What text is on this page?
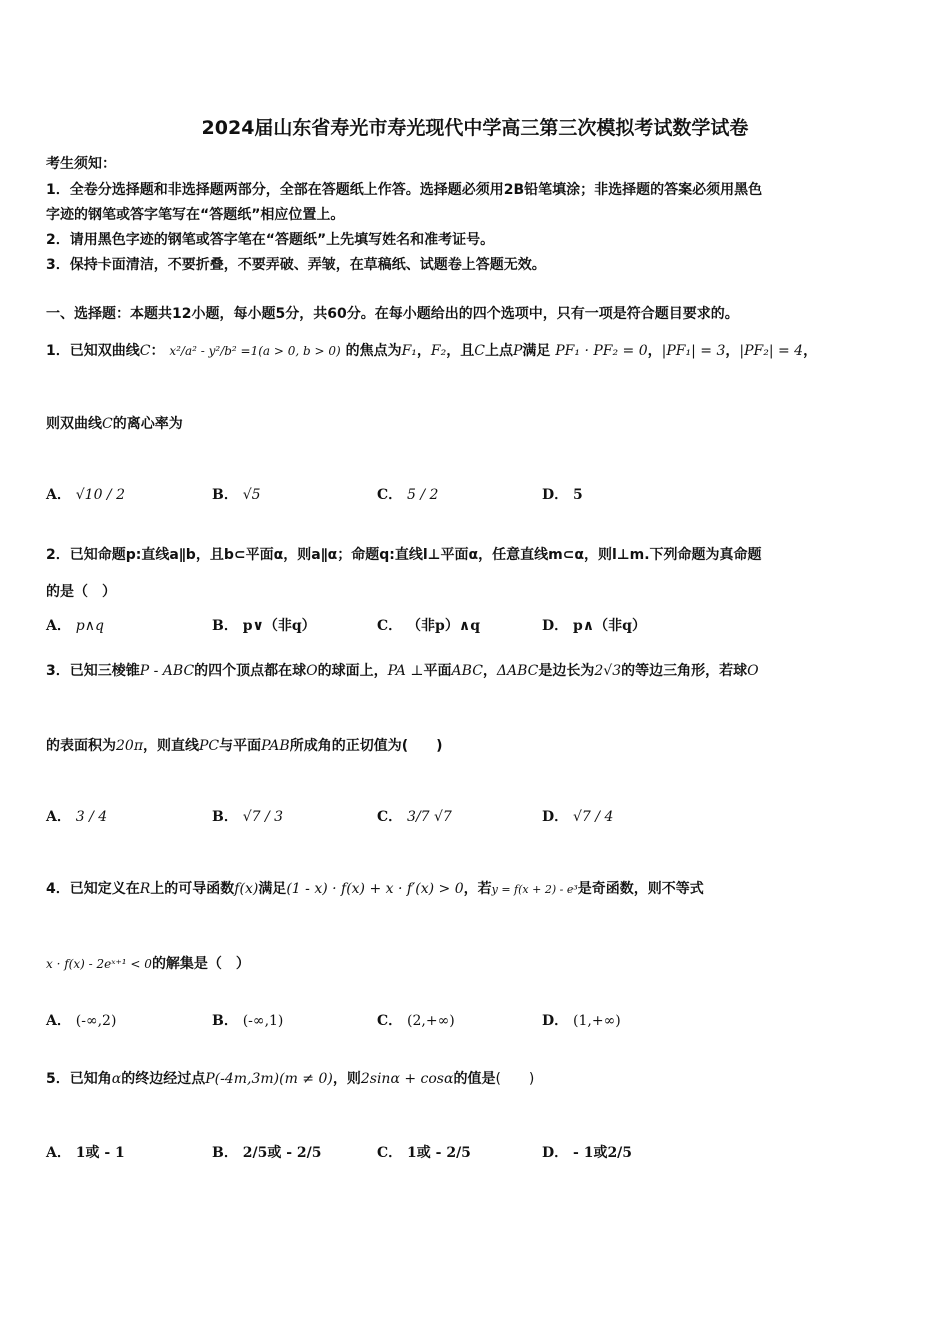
2024届山东省寿光市寿光现代中学高三第三次模拟考试数学试卷
考生须知：
1．全卷分选择题和非选择题两部分，全部在答题纸上作答。选择题必须用2B铅笔填涂；非选择题的答案必须用黑色
字迹的钢笔或答字笔写在“答题纸”相应位置上。
2．请用黑色字迹的钢笔或答字笔在“答题纸”上先填写姓名和准考证号。
3．保持卡面清洁，不要折叠，不要弄破、弄皱，在草稿纸、试题卷上答题无效。
一、选择题：本题共12小题，每小题5分，共60分。在每小题给出的四个选项中，只有一项是符合题目要求的。
1．已知双曲线C： x²/a² - y²/b² =1(a > 0, b > 0) 的焦点为F₁，F₂，且C上点P满足 PF₁ · PF₂ = 0，|PF₁| = 3，|PF₂| = 4，
则双曲线C的离心率为
A． √10 / 2	B． √5	C． 5 / 2	D． 5
2．已知命题p:直线a∥b，且b⊂平面α，则a∥α；命题q:直线l⊥平面α，任意直线m⊂α，则l⊥m.下列命题为真命题
的是（　）
A． p∧q	B． p∨（非q）	C． （非p）∧q	D． p∧（非q）
3．已知三棱锥P - ABC的四个顶点都在球O的球面上，PA ⊥平面ABC，ΔABC是边长为2√3的等边三角形，若球O
的表面积为20π，则直线PC与平面PAB所成角的正切值为(　　)
A． 3 / 4	B． √7 / 3	C． 3/7 √7	D． √7 / 4
4．已知定义在R上的可导函数f(x)满足(1 - x) · f(x) + x · f′(x) > 0，若y = f(x + 2) - e³是奇函数，则不等式
x · f(x) - 2eˣ⁺¹ < 0的解集是（　）
A． (-∞,2)	B． (-∞,1)	C． (2,+∞)	D． (1,+∞)
5．已知角α的终边经过点P(-4m,3m)(m ≠ 0)，则2sinα + cosα的值是(　　)
A． 1或 - 1	B． 2/5或 - 2/5	C． 1或 - 2/5	D． - 1或2/5
